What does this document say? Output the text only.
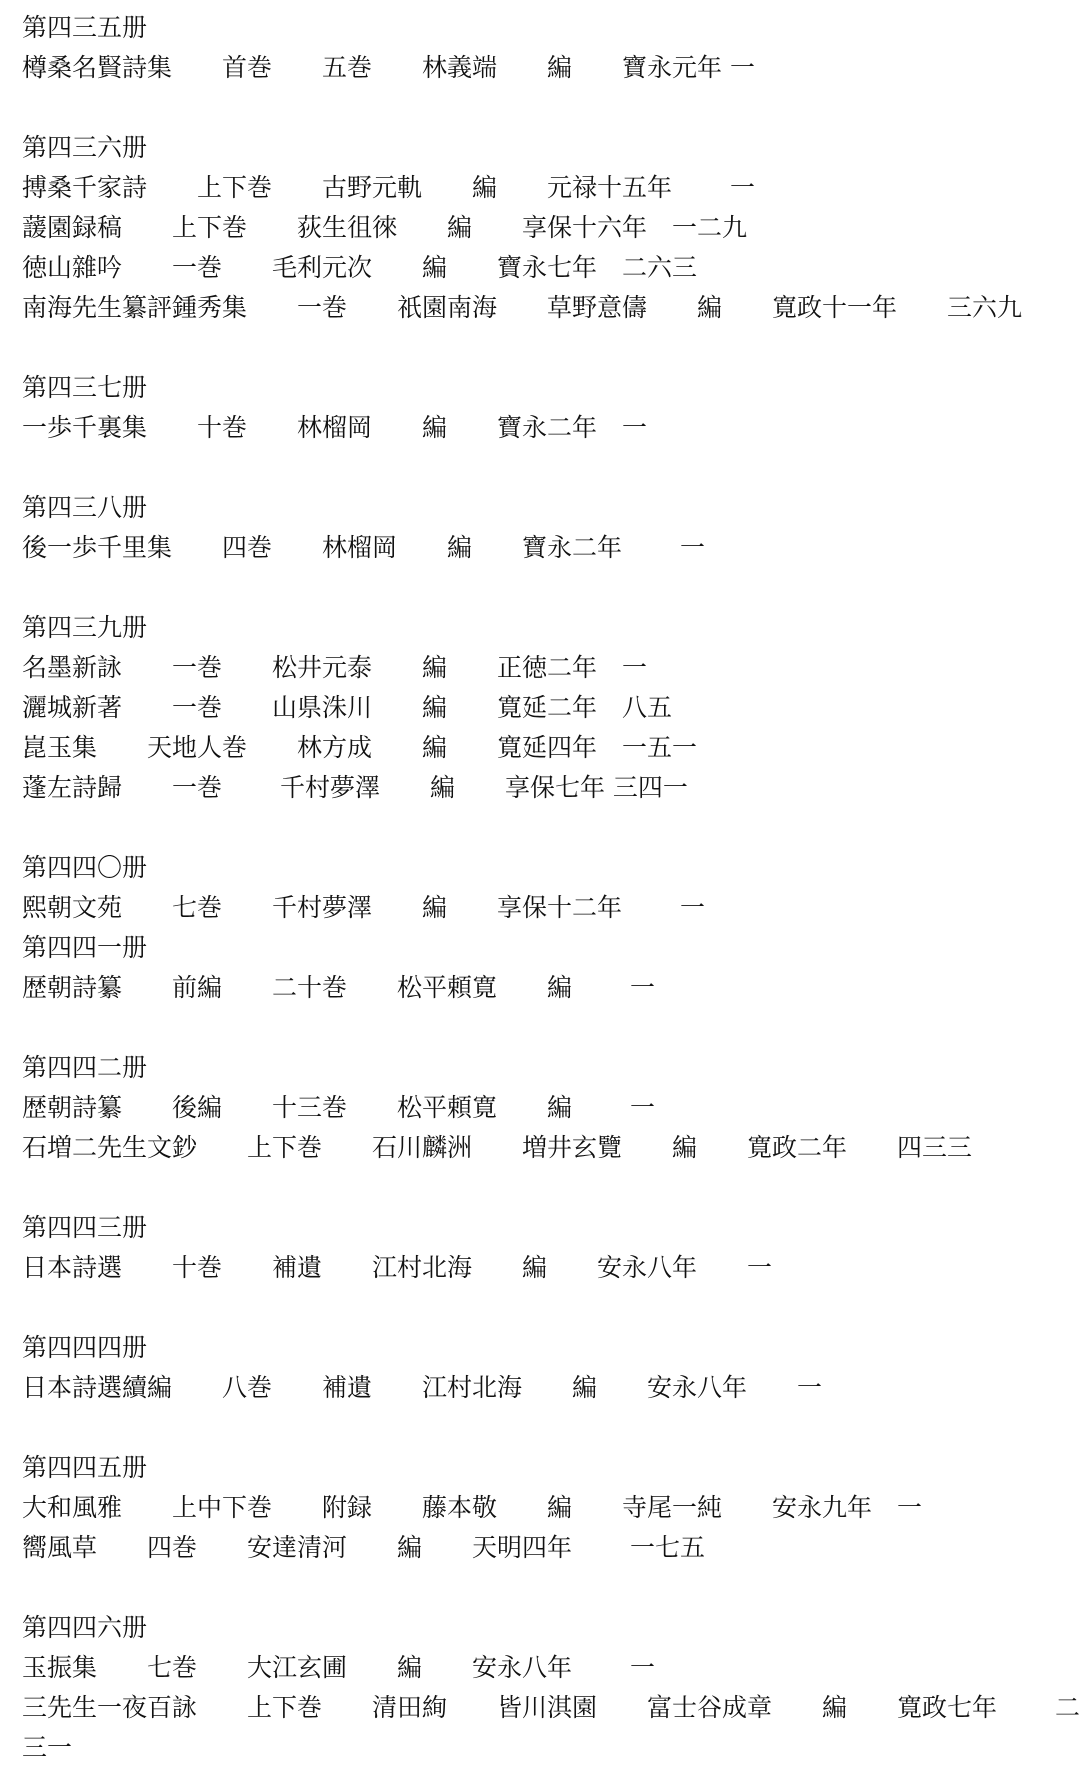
第四三五册
樽桑名賢詩集　　首巻　　五巻　　林義端　　編　　寶永元年 一
第四三六册
搏桑千家詩　　上下巻　　古野元軌　　編　　元禄十五年　　 一
蘐園録稿　　上下巻　　荻生徂徠　　編　　享保十六年　一二九
徳山雜吟　　一巻　　毛利元次　　編　　寶永七年　二六三
南海先生纂評鍾秀集　　一巻　　祇園南海　　草野意儔　　編　　寛政十一年　　三六九
第四三七册
一歩千裏集　　十巻　　林榴岡　　編　　寶永二年　一
第四三八册
後一歩千里集　　四巻　　林榴岡　　編　　寶永二年　　 一
第四三九册
名墨新詠　　一巻　　松井元泰　　編　　正徳二年　一
灑城新著　　一巻　　山県洙川　　編　　寛延二年　八五
崑玉集　　天地人巻　　林方成　　編　　寛延四年　一五一
蓬左詩歸　　一巻　　 千村夢澤　　編　　享保七年 三四一
第四四〇册
熙朝文苑　　七巻　　千村夢澤　　編　　享保十二年　　 一
第四四一册
歴朝詩纂　　前編　　二十巻　　松平頼寛　　編　　 一
第四四二册
歴朝詩纂　　後編　　十三巻　　松平頼寛　　編　　 一
石増二先生文鈔　　上下巻　　石川麟洲　　増井玄覽　　編　　寛政二年　　四三三
第四四三册
日本詩選　　十巻　　補遺　　江村北海　　編　　安永八年　　一
第四四四册
日本詩選續編　　八巻　　補遺　　江村北海　　編　　安永八年　　一
第四四五册
大和風雅　　上中下巻　　附録　　藤本敬　　編　　寺尾一純　　安永九年　一
嚮風草　　四巻　　安達清河　　編　　天明四年　　 一七五
第四四六册
玉振集　　七巻　　大江玄圃　　編　　安永八年　　 一
三先生一夜百詠　　上下巻　　清田絢　　皆川淇園　　富士谷成章　　編　　寛政七年　　 二
三一
